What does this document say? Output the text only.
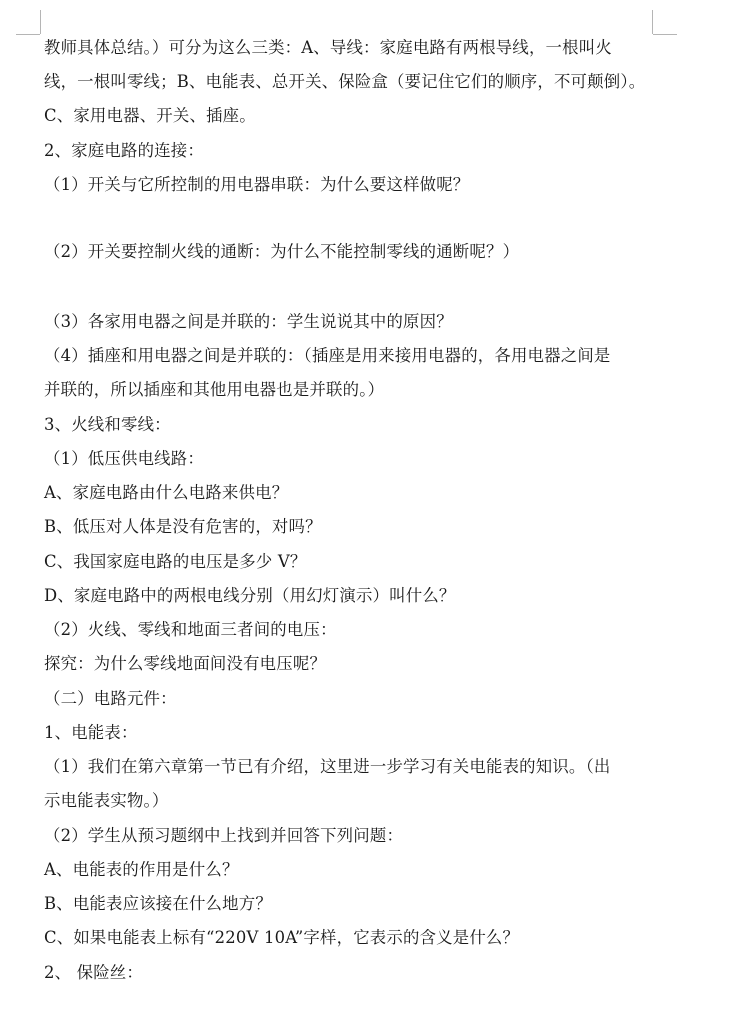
教师具体总结。）可分为这么三类：A、导线：家庭电路有两根导线，一根叫火
线，一根叫零线；B、电能表、总开关、保险盒（要记住它们的顺序，不可颠倒）。
C、家用电器、开关、插座。
2、家庭电路的连接：
（1）开关与它所控制的用电器串联：为什么要这样做呢？
（2）开关要控制火线的通断：为什么不能控制零线的通断呢？）
（3）各家用电器之间是并联的：学生说说其中的原因？
（4）插座和用电器之间是并联的：（插座是用来接用电器的，各用电器之间是
并联的，所以插座和其他用电器也是并联的。）
3、火线和零线：
（1）低压供电线路：
A、家庭电路由什么电路来供电？
B、低压对人体是没有危害的，对吗？
C、我国家庭电路的电压是多少 V？
D、家庭电路中的两根电线分别（用幻灯演示）叫什么？
（2）火线、零线和地面三者间的电压：
探究：为什么零线地面间没有电压呢？
（二）电路元件：
1、电能表：
（1）我们在第六章第一节已有介绍，这里进一步学习有关电能表的知识。（出
示电能表实物。）
（2）学生从预习题纲中上找到并回答下列问题：
A、电能表的作用是什么？
B、电能表应该接在什么地方？
C、如果电能表上标有“220V 10A”字样，它表示的含义是什么？
2、 保险丝：
